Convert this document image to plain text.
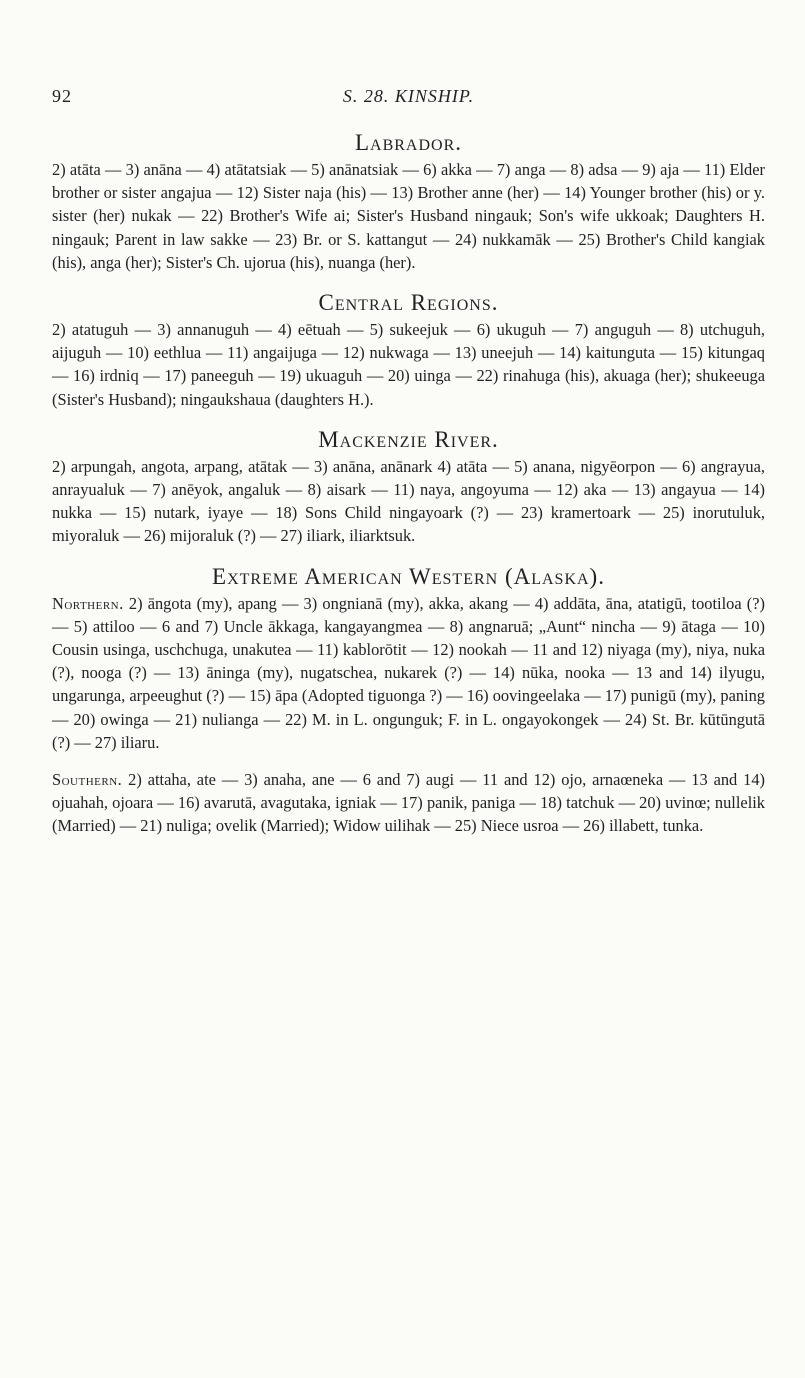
92	S. 28. KINSHIP.
Labrador.

2) atāta — 3) anāna — 4) atātatsiak — 5) anānatsiak — 6) akka — 7) anga — 8) adsa — 9) aja — 11) Elder brother or sister angajua — 12) Sister naja (his) — 13) Brother anne (her) — 14) Younger brother (his) or y. sister (her) nukak — 22) Brother's Wife ai; Sister's Husband ningauk; Son's wife ukkoak; Daughters H. ningauk; Parent in law sakke — 23) Br. or S. kattangut — 24) nukkamāk — 25) Brother's Child kangiak (his), anga (her); Sister's Ch. ujorua (his), nuanga (her).

Central Regions.

2) atatuguh — 3) annanuguh — 4) eētuah — 5) sukeejuk — 6) ukuguh — 7) anguguh — 8) utchuguh, aijuguh — 10) eethlua — 11) angaijuga — 12) nukwaga — 13) uneejuh — 14) kaitunguta — 15) kitungaq — 16) irdniq — 17) paneeguh — 19) ukuaguh — 20) uinga — 22) rinahuga (his), akuaga (her); shukeeuga (Sister's Husband); ningaukshaua (daughters H.).

Mackenzie River.

2) arpungah, angota, arpang, atātak — 3) anāna, anānark 4) atāta — 5) anana, nigyēorpon — 6) angrayua, anrayualuk — 7) anēyok, angaluk — 8) aisark — 11) naya, angoyuma — 12) aka — 13) angayua — 14) nukka — 15) nutark, iyaye — 18) Sons Child ningayoark (?) — 23) kramertoark — 25) inorutuluk, miyoraluk — 26) mijoraluk (?) — 27) iliark, iliarktsuk.

Extreme American Western (Alaska).

Northern. 2) āngota (my), apang — 3) ongnianā (my), akka, akang — 4) addāta, āna, atatigū, tootiloa (?) — 5) attiloo — 6 and 7) Uncle ākkaga, kangayangmea — 8) angnaruā; „Aunt“ nincha — 9) ātaga — 10) Cousin usinga, uschchuga, unakutea — 11) kablorōtit — 12) nookah — 11 and 12) niyaga (my), niya, nuka (?), nooga (?) — 13) āninga (my), nugatschea, nukarek (?) — 14) nūka, nooka — 13 and 14) ilyugu, ungarunga, arpeeughut (?) — 15) āpa (Adopted tiguonga ?) — 16) oovingeelaka — 17) punigū (my), paning — 20) owinga — 21) nulianga — 22) M. in L. ongunguk; F. in L. ongayokongek — 24) St. Br. kūtūngutā (?) — 27) iliaru.

Southern. 2) attaha, ate — 3) anaha, ane — 6 and 7) augi — 11 and 12) ojo, arnaœneka — 13 and 14) ojuahah, ojoara — 16) avarutā, avagutaka, igniak — 17) panik, paniga — 18) tatchuk — 20) uvinœ; nullelik (Married) — 21) nuliga; ovelik (Married); Widow uilihak — 25) Niece usroa — 26) illabett, tunka.
